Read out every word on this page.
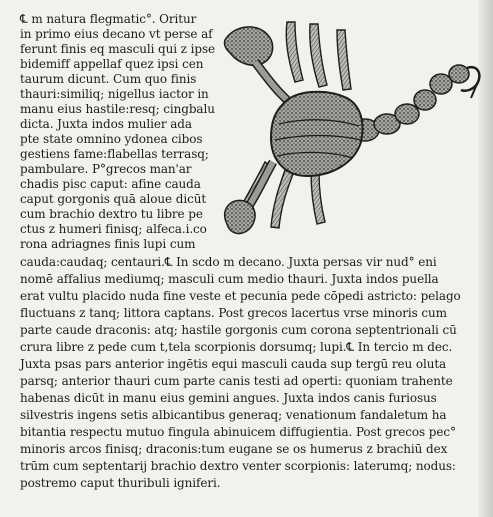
℄ m natura flegmatic°. Oritur
in primo eius decano vt perse af
ferunt finis eq masculi qui z ipse
bidemiff appellaf quez ipsi cen
taurum dicunt. Cum quo finis
thauri:similiq; nigellus iactor in
manu eius hastile:resq; cingbalu
dicta. Juxta indos mulier ada
pte state omnino ydonea cibos
gestiens fame:flabellas terrasq;
pambulare. P°grecos man'ar
chadis pisc caput: afine cauda
caput gorgonis quā aloue dicūt
cum brachio dextro tu libre pe
ctus z humeri finisq; alfeca.i.co
rona adriagnes finis lupi cum
cauda:caudaq; centauri.℄ In scdo m decano. Juxta persas vir nud° eni
nomē affalius mediumq; masculi cum medio thauri. Juxta indos puella
erat vultu placido nuda fine veste et pecunia pede cōpedi astricto: pelago
fluctuans z tanq; littora captans. Post grecos lacertus vrse minoris cum
parte caude draconis: atq; hastile gorgonis cum corona septentrionali cū
crura libre z pede cum t,tela scorpionis dorsumq; lupi.℄ In tercio m dec.
Juxta psas pars anterior ingētis equi masculi cauda sup tergū reu oluta
parsq; anterior thauri cum parte canis testi ad operti: quoniam trahente
habenas dicūt in manu eius gemini angues. Juxta indos canis furiosus
silvestris ingens setis albicantibus generaq; venationum fandaletum ha
bitantia respectu mutuo fingula abinuicem diffugientia. Post grecos pec°
minoris arcos finisq; draconis:tum eugane se os humerus z brachiū dex
trūm cum septentarij brachio dextro venter scorpionis: laterumq; nodus:
postremo caput thuribuli igniferi.
